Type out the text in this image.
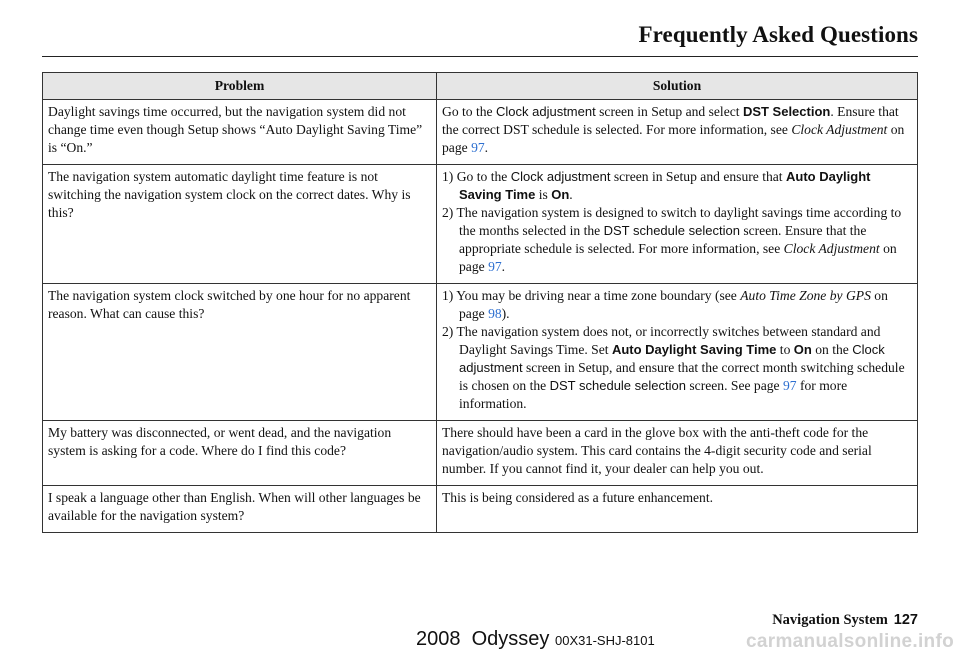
Frequently Asked Questions
Problem	Solution
Daylight savings time occurred, but the navigation system did not change time even though Setup shows “Auto Daylight Saving Time” is “On.”	Go to the Clock adjustment screen in Setup and select DST Selection. Ensure that the correct DST schedule is selected. For more information, see Clock Adjustment on page 97.
The navigation system automatic daylight time feature is not switching the navigation system clock on the correct dates. Why is this?	1) Go to the Clock adjustment screen in Setup and ensure that Auto Daylight Saving Time is On.
2) The navigation system is designed to switch to daylight savings time according to the months selected in the DST schedule selection screen. Ensure that the appropriate schedule is selected. For more information, see Clock Adjustment on page 97.

The navigation system clock switched by one hour for no apparent reason. What can cause this?	1) You may be driving near a time zone boundary (see Auto Time Zone by GPS on page 98).
2) The navigation system does not, or incorrectly switches between standard and Daylight Savings Time. Set Auto Daylight Saving Time to On on the Clock adjustment screen in Setup, and ensure that the correct month switching schedule is chosen on the DST schedule selection screen. See page 97 for more information.

My battery was disconnected, or went dead, and the navigation system is asking for a code. Where do I find this code?	There should have been a card in the glove box with the anti-theft code for the navigation/audio system. This card contains the 4-digit security code and serial number. If you cannot find it, your dealer can help you out.
I speak a language other than English. When will other languages be available for the navigation system?	This is being considered as a future enhancement.
Navigation System 127
2008  Odyssey 00X31-SHJ-8101	carmanualsonline.info
